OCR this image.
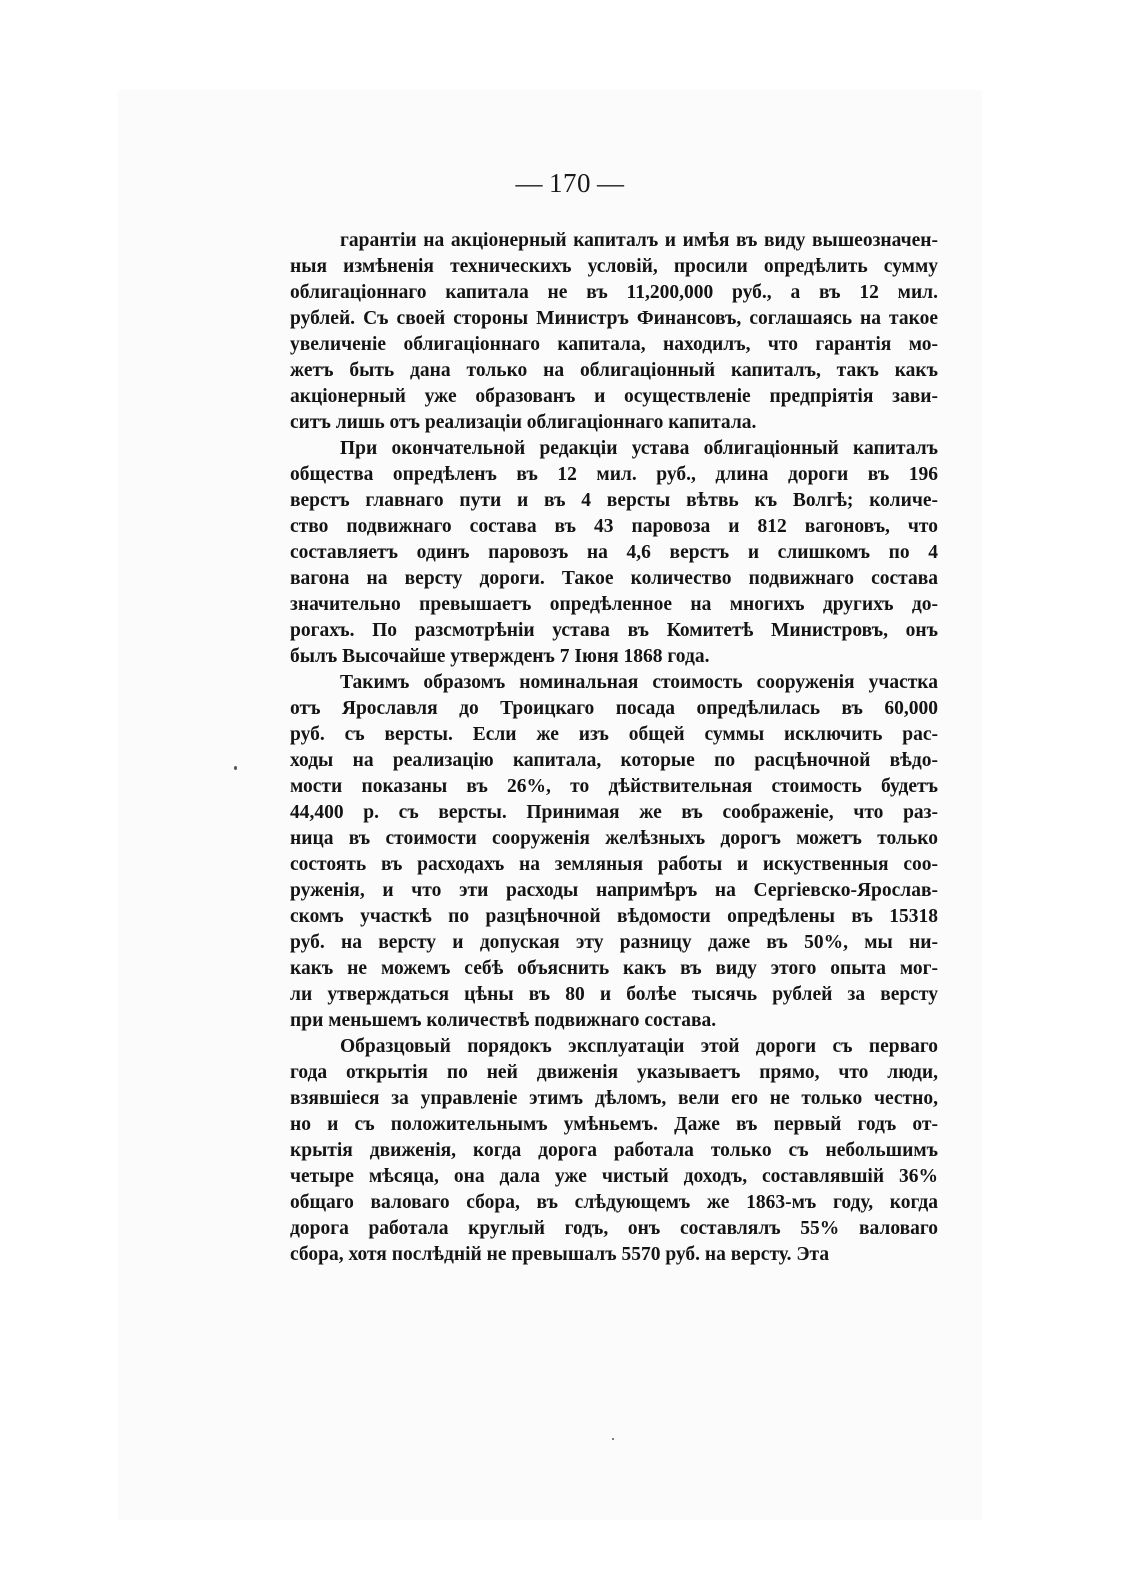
— 170 —
гарантiи на акцiонерный капиталъ и имѣя въ виду вышеозначен-
ныя измѣненiя техническихъ условiй, просили опредѣлить сумму
облигацiоннаго капитала не въ 11,200,000 руб., а въ 12 мил.
рублей. Съ своей стороны Министръ Финансовъ, соглашаясь на такое
увеличенiе облигацiоннаго капитала, находилъ, что гарантiя мо-
жетъ быть дана только на облигацiонный капиталъ, такъ какъ
акцiонерный уже образованъ и осуществленiе предпрiятiя зави-
ситъ лишь отъ реализацiи облигацiоннаго капитала.
При окончательной редакцiи устава облигацiонный капиталъ
общества опредѣленъ въ 12 мил. руб., длина дороги въ 196
верстъ главнаго пути и въ 4 версты вѣтвь къ Волгѣ; количе-
ство подвижнаго состава въ 43 паровоза и 812 вагоновъ, что
составляетъ одинъ паровозъ на 4,6 верстъ и слишкомъ по 4
вагона на версту дороги. Такое количество подвижнаго состава
значительно превышаетъ опредѣленное на многихъ другихъ до-
рогахъ. По разсмотрѣнiи устава въ Комитетѣ Министровъ, онъ
былъ Высочайше утвержденъ 7 Iюня 1868 года.
Такимъ образомъ номинальная стоимость сооруженiя участка
отъ Ярославля до Троицкаго посада опредѣлилась въ 60,000
руб. съ версты. Если же изъ общей суммы исключить рас-
ходы на реализацiю капитала, которые по расцѣночной вѣдо-
мости показаны въ 26%, то дѣйствительная стоимость будетъ
44,400 р. съ версты. Принимая же въ соображенiе, что раз-
ница въ стоимости сооруженiя желѣзныхъ дорогъ можетъ только
состоять въ расходахъ на земляныя работы и искуственныя соо-
руженiя, и что эти расходы напримѣръ на Сергiевско-Ярослав-
скомъ участкѣ по разцѣночной вѣдомости опредѣлены въ 15318
руб. на версту и допуская эту разницу даже въ 50%, мы ни-
какъ не можемъ себѣ объяснить какъ въ виду этого опыта мог-
ли утверждаться цѣны въ 80 и болѣе тысячь рублей за версту
при меньшемъ количествѣ подвижнаго состава.
Образцовый порядокъ эксплуатацiи этой дороги съ перваго
года открытiя по ней движенiя указываетъ прямо, что люди,
взявшiеся за управленiе этимъ дѣломъ, вели его не только честно,
но и съ положительнымъ умѣньемъ. Даже въ первый годъ от-
крытiя движенiя, когда дорога работала только съ небольшимъ
четыре мѣсяца, она дала уже чистый доходъ, составлявшiй 36%
общаго валоваго сбора, въ слѣдующемъ же 1863-мъ году, когда
дорога работала круглый годъ, онъ составлялъ 55% валоваго
сбора, хотя послѣднiй не превышалъ 5570 руб. на версту. Эта
